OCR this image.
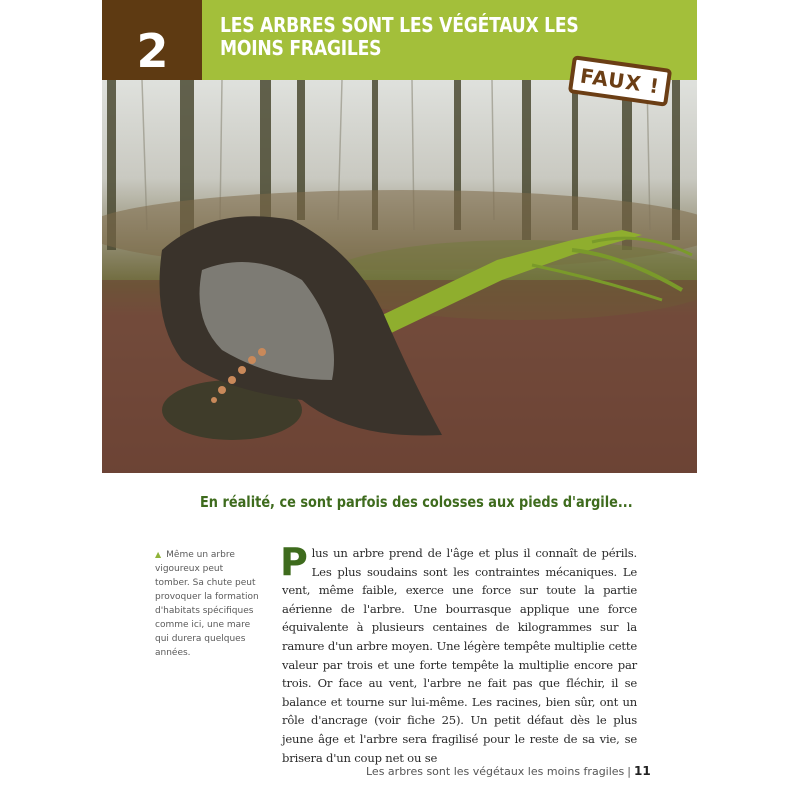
2	LES ARBRES SONT LES VÉGÉTAUX LES MOINS FRAGILES
FAUX !
En réalité, ce sont parfois des colosses aux pieds d'argile...
▲ Même un arbre vigoureux peut tomber. Sa chute peut provoquer la formation d'habitats spécifiques comme ici, une mare qui durera quelques années.
Plus un arbre prend de l'âge et plus il connaît de périls. Les plus soudains sont les contraintes mécaniques. Le vent, même faible, exerce une force sur toute la partie aérienne de l'arbre. Une bourrasque applique une force équivalente à plusieurs centaines de kilogrammes sur la ramure d'un arbre moyen. Une légère tempête multiplie cette valeur par trois et une forte tempête la multiplie encore par trois. Or face au vent, l'arbre ne fait pas que fléchir, il se balance et tourne sur lui-même. Les racines, bien sûr, ont un rôle d'ancrage (voir fiche 25). Un petit défaut dès le plus jeune âge et l'arbre sera fragilisé pour le reste de sa vie, se brisera d'un coup net ou se
Les arbres sont les végétaux les moins fragiles | 11
